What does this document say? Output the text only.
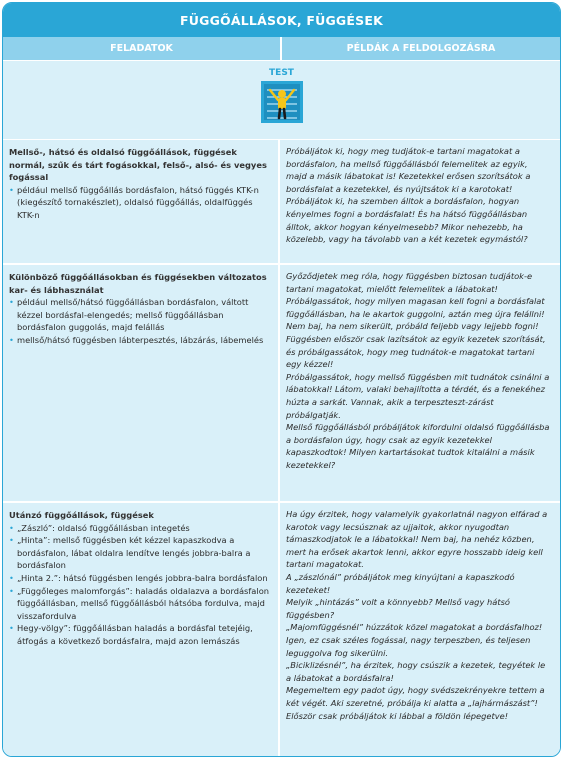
FÜGGŐÁLLÁSOK, FÜGGÉSEK
FELADATOK	PÉLDÁK A FELDOLGOZÁSRA
TEST
Mellső-, hátsó és oldalsó függőállások, függések normál, szűk és tárt fogásokkal, felső-, alsó- és vegyes fogással
• például mellső függőállás bordásfalon, hátsó függés KTK-n (kiegészítő tornakészlet), oldalsó függőállás, oldalfüggés KTK-n

Próbáljátok ki, hogy meg tudjátok-e tartani magatokat a bordásfalon, ha mellső függőállásból felemelitek az egyik, majd a másik lábatokat is! Kezetekkel erősen szorítsátok a bordásfalat a kezetekkel, és nyújtsátok ki a karotokat! Próbáljátok ki, ha szemben álltok a bordásfalon, hogyan kényelmes fogni a bordásfalat! És ha hátsó függőállásban álltok, akkor hogyan kényelmesebb? Mikor nehezebb, ha közelebb, vagy ha távolabb van a két kezetek egymástól?

Különböző függőállásokban és függésekben változatos kar- és lábhasználat
• például mellső/hátsó függőállásban bordásfalon, váltott kézzel bordásfal-elengedés; mellső függőállásban bordásfalon guggolás, majd felállás
• mellső/hátsó függésben lábterpesztés, lábzárás, lábemelés

Győződjetek meg róla, hogy függésben biztosan tudjátok-e tartani magatokat, mielőtt felemelitek a lábatokat! Próbálgassátok, hogy milyen magasan kell fogni a bordásfalat függőállásban, ha le akartok guggolni, aztán meg újra felállni! Nem baj, ha nem sikerült, próbáld feljebb vagy lejjebb fogni!

Függésben először csak lazítsátok az egyik kezetek szorítását, és próbálgassátok, hogy meg tudnátok-e magatokat tartani egy kézzel!

Próbálgassátok, hogy mellső függésben mit tudnátok csinálni a lábatokkal! Látom, valaki behajlította a térdét, és a fenekéhez húzta a sarkát. Vannak, akik a terpeszteszt-zárást próbálgatják.

Mellső függőállásból próbáljátok kifordulni oldalsó függőállásba a bordásfalon úgy, hogy csak az egyik kezetekkel kapaszkodtok! Milyen kartartásokat tudtok kitalálni a másik kezetekkel?

Utánzó függőállások, függések
• „Zászló”: oldalsó függőállásban integetés
• „Hinta”: mellső függésben két kézzel kapaszkodva a bordásfalon, lábat oldalra lendítve lengés jobbra-balra a bordásfalon
• „Hinta 2.”: hátsó függésben lengés jobbra-balra bordásfalon
• „Függőleges malomforgás”: haladás oldalazva a bordásfalon függőállásban, mellső függőállásból hátsóba fordulva, majd visszafordulva
• Hegy-völgy”: függőállásban haladás a bordásfal tetejéig, átfogás a következő bordásfalra, majd azon lemászás

Ha úgy érzitek, hogy valamelyik gyakorlatnál nagyon elfárad a karotok vagy lecsúsznak az ujjaitok, akkor nyugodtan támaszkodjatok le a lábatokkal! Nem baj, ha nehéz közben, mert ha erősek akartok lenni, akkor egyre hosszabb ideig kell tartani magatokat.

A „zászlónál” próbáljátok meg kinyújtani a kapaszkodó kezeteket!

Melyik „hintázás” volt a könnyebb? Mellső vagy hátsó függésben?

„Majomfüggésnél” húzzátok közel magatokat a bordásfalhoz! Igen, ez csak széles fogással, nagy terpeszben, és teljesen leguggolva fog sikerülni.

„Biciklizésnél”, ha érzitek, hogy csúszik a kezetek, tegyétek le a lábatokat a bordásfalra!

Megemeltem egy padot úgy, hogy svédszekrényekre tettem a két végét. Aki szeretné, próbálja ki alatta a „lajhármászást”! Először csak próbáljátok ki lábbal a földön lépegetve!
